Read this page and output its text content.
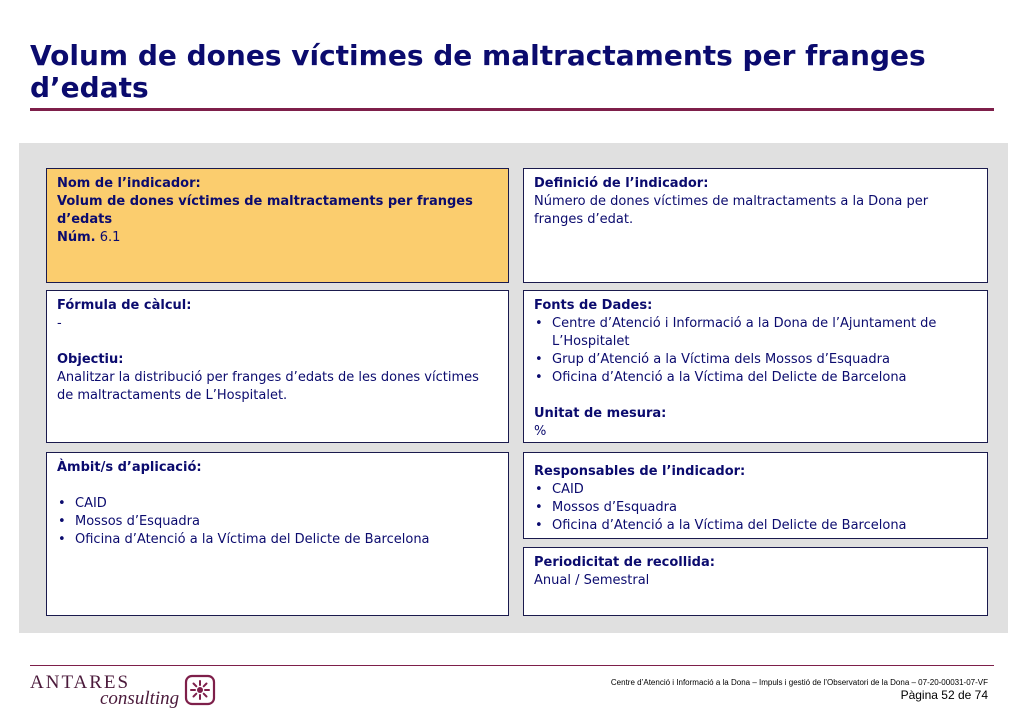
Volum de dones víctimes de maltractaments per franges d’edats
Nom de l’indicador:
Volum de dones víctimes de maltractaments per franges d’edats
Núm. 6.1
Definició de l’indicador:
Número de dones víctimes de maltractaments a la Dona per franges d’edat.
Fórmula de càlcul:
-
Objectiu:
Analitzar la distribució per franges d’edats de les dones víctimes de maltractaments de L’Hospitalet.
Fonts de Dades:
• Centre d’Atenció i Informació a la Dona de l’Ajuntament de L’Hospitalet
• Grup d’Atenció a la Víctima dels Mossos d’Esquadra
• Oficina d’Atenció a la Víctima del Delicte de Barcelona
Unitat de mesura:
%
Àmbit/s d’aplicació:
• CAID
• Mossos d’Esquadra
• Oficina d’Atenció a la Víctima del Delicte de Barcelona
Responsables de l’indicador:
• CAID
• Mossos d’Esquadra
• Oficina d’Atenció a la Víctima del Delicte de Barcelona
Periodicitat de recollida:
Anual / Semestral
ANTARES
consulting
Centre d’Atenció i Informació a la Dona – Impuls i gestió de l’Observatori de la Dona – 07-20-00031-07-VF
Pàgina 52 de 74
